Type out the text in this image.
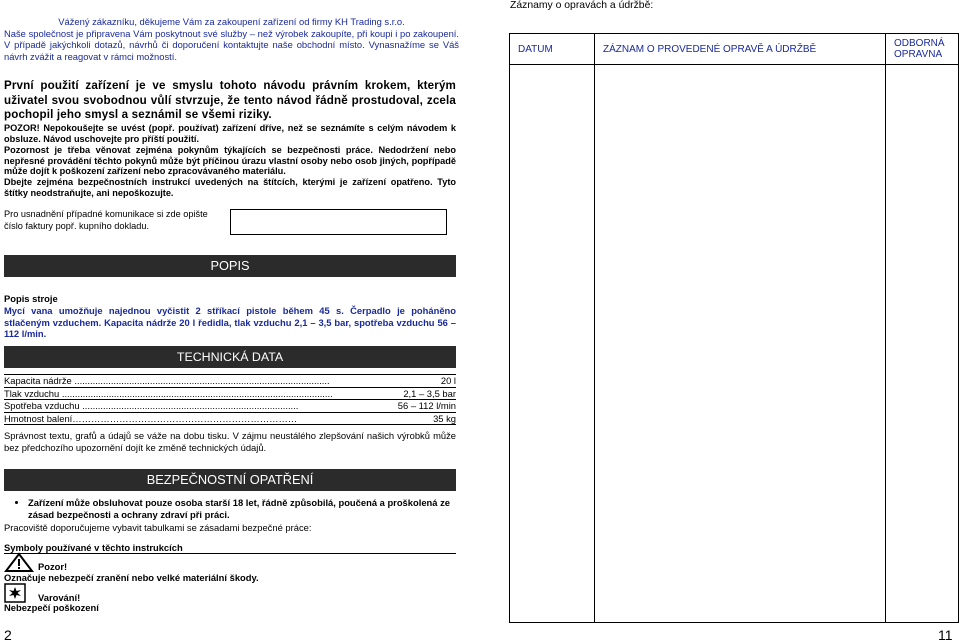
Vážený zákazníku, děkujeme Vám za zakoupení zařízení od firmy KH Trading s.r.o.

Naše společnost je připravena Vám poskytnout své služby – než výrobek zakoupíte, při koupi i po zakoupení. V případě jakýchkoli dotazů, návrhů či doporučení kontaktujte naše obchodní místo. Vynasnažíme se Váš návrh zvážit a reagovat v rámci možností.

První použití zařízení je ve smyslu tohoto návodu právním krokem, kterým uživatel svou svobodnou vůlí stvrzuje, že tento návod řádně prostudoval, zcela pochopil jeho smysl a seznámil se všemi riziky.

POZOR! Nepokoušejte se uvést (popř. používat) zařízení dříve, než se seznámíte s celým návodem k obsluze. Návod uschovejte pro příští použití.

Pozornost je třeba věnovat zejména pokynům týkajících se bezpečnosti práce. Nedodržení nebo nepřesné provádění těchto pokynů může být příčinou úrazu vlastní osoby nebo osob jiných, popřípadě může dojít k poškození zařízení nebo zpracovávaného materiálu.

Dbejte zejména bezpečnostních instrukcí uvedených na štítcích, kterými je zařízení opatřeno. Tyto štítky neodstraňujte, ani nepoškozujte.

Pro usnadnění případné komunikace si zde opište číslo faktury popř. kupního dokladu.
POPIS
Popis stroje
Mycí vana umožňuje najednou vyčistit 2 stříkací pistole během 45 s. Čerpadlo je poháněno stlačeným vzduchem. Kapacita nádrže 20 l ředidla, tlak vzduchu 2,1 – 3,5 bar, spotřeba vzduchu 56 – 112 l/min.
TECHNICKÁ DATA
Kapacita nádrže ..................................................................................................	20 l
Tlak vzduchu ........................................................................................................	2,1 – 3,5 bar
Spotřeba vzduchu ...................................................................................	56 – 112 l/min
Hmotnost balení………………………………………………………………	35 kg
Správnost textu, grafů a údajů se váže na dobu tisku. V zájmu neustálého zlepšování našich výrobků může bez předchozího upozornění dojít ke změně technických údajů.
BEZPEČNOSTNÍ OPATŘENÍ
• Zařízení může obsluhovat pouze osoba starší 18 let, řádně způsobilá, poučená a proškolená ze zásad bezpečnosti a ochrany zdraví při práci.

Pracoviště doporučujeme vybavit tabulkami se zásadami bezpečné práce:

Symboly používané v těchto instrukcích
Pozor!
Označuje nebezpečí zranění nebo velké materiální škody.
Varování!
Nebezpečí poškození
2	11
Záznamy o opravách a údržbě:
DATUM	ZÁZNAM O PROVEDENÉ OPRAVĚ A ÚDRŽBĚ	ODBORNÁ OPRAVNA
